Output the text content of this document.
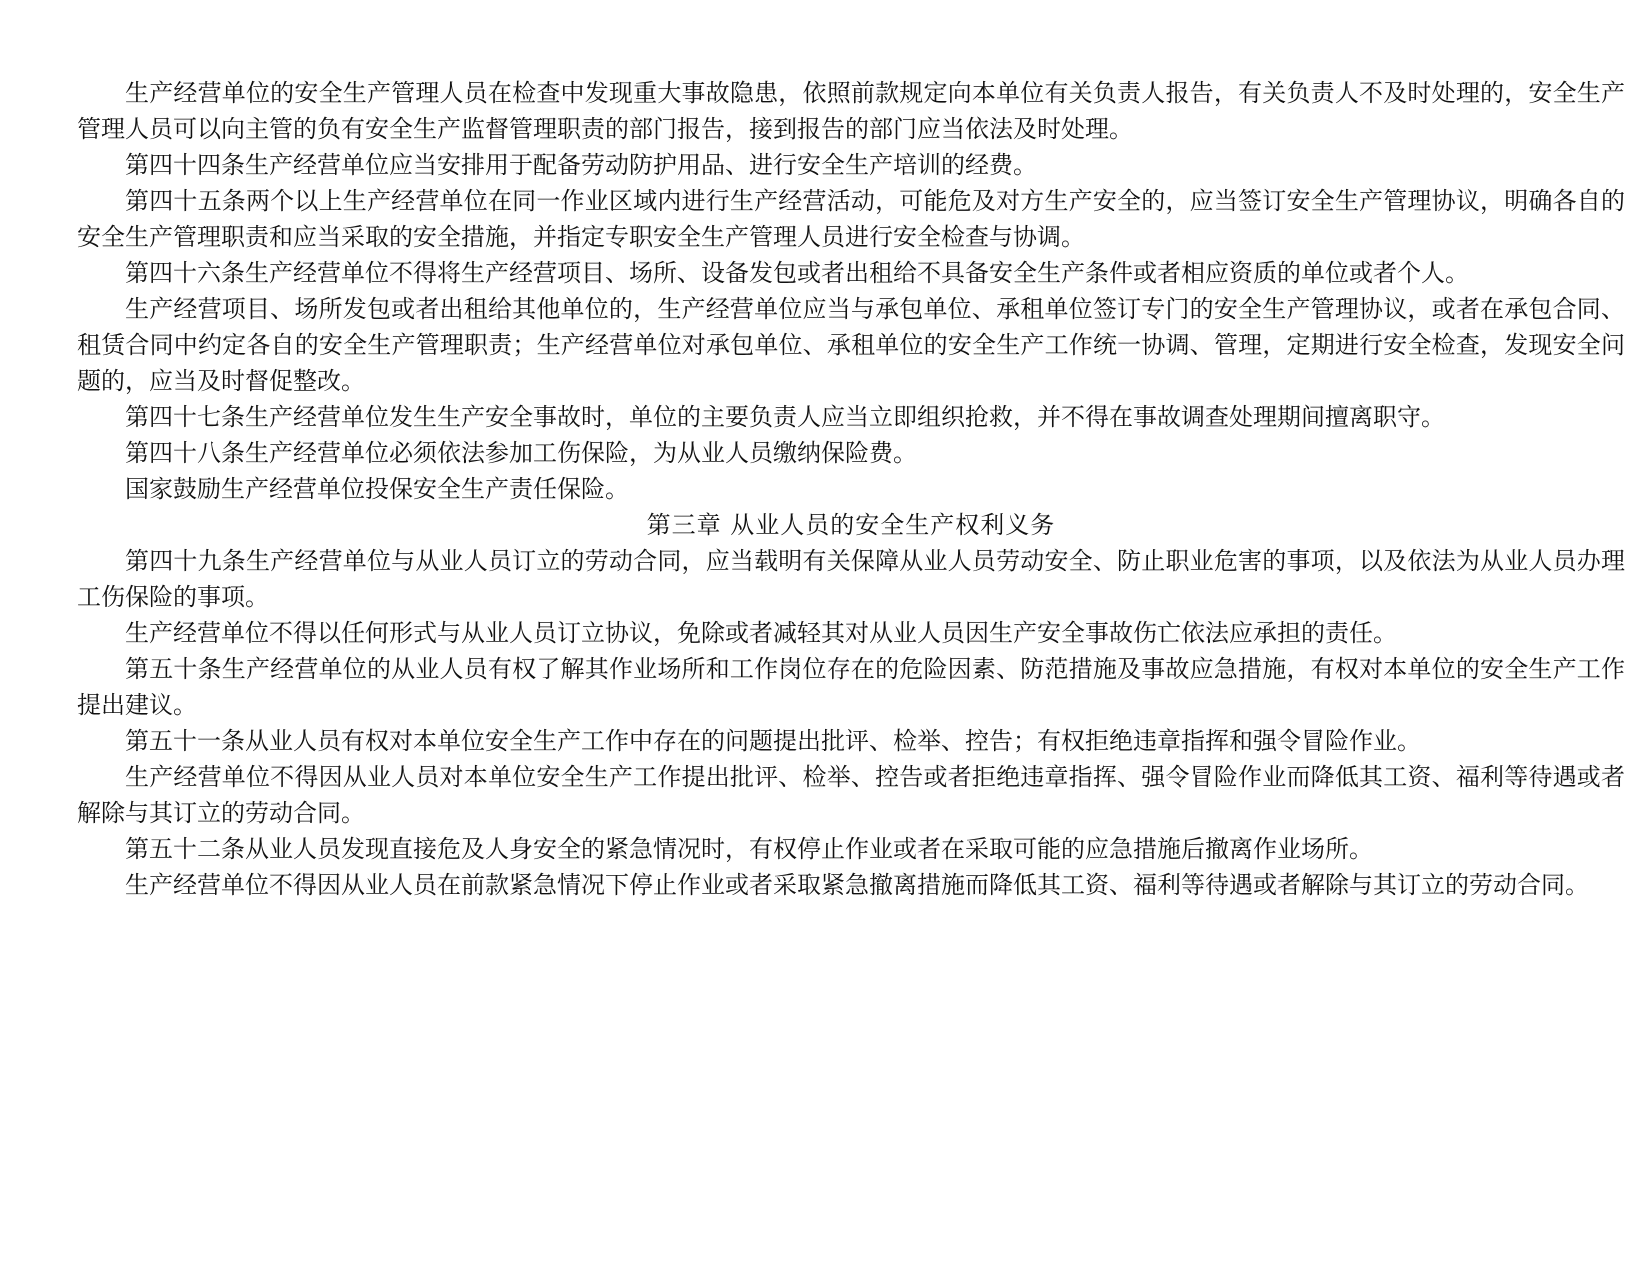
生产经营单位的安全生产管理人员在检查中发现重大事故隐患，依照前款规定向本单位有关负责人报告，有关负责人不及时处理的，安全生产管理人员可以向主管的负有安全生产监督管理职责的部门报告，接到报告的部门应当依法及时处理。

第四十四条生产经营单位应当安排用于配备劳动防护用品、进行安全生产培训的经费。

第四十五条两个以上生产经营单位在同一作业区域内进行生产经营活动，可能危及对方生产安全的，应当签订安全生产管理协议，明确各自的安全生产管理职责和应当采取的安全措施，并指定专职安全生产管理人员进行安全检查与协调。

第四十六条生产经营单位不得将生产经营项目、场所、设备发包或者出租给不具备安全生产条件或者相应资质的单位或者个人。

生产经营项目、场所发包或者出租给其他单位的，生产经营单位应当与承包单位、承租单位签订专门的安全生产管理协议，或者在承包合同、租赁合同中约定各自的安全生产管理职责；生产经营单位对承包单位、承租单位的安全生产工作统一协调、管理，定期进行安全检查，发现安全问题的，应当及时督促整改。

第四十七条生产经营单位发生生产安全事故时，单位的主要负责人应当立即组织抢救，并不得在事故调查处理期间擅离职守。

第四十八条生产经营单位必须依法参加工伤保险，为从业人员缴纳保险费。

国家鼓励生产经营单位投保安全生产责任保险。

第三章 从业人员的安全生产权利义务

第四十九条生产经营单位与从业人员订立的劳动合同，应当载明有关保障从业人员劳动安全、防止职业危害的事项，以及依法为从业人员办理工伤保险的事项。

生产经营单位不得以任何形式与从业人员订立协议，免除或者减轻其对从业人员因生产安全事故伤亡依法应承担的责任。

第五十条生产经营单位的从业人员有权了解其作业场所和工作岗位存在的危险因素、防范措施及事故应急措施，有权对本单位的安全生产工作提出建议。

第五十一条从业人员有权对本单位安全生产工作中存在的问题提出批评、检举、控告；有权拒绝违章指挥和强令冒险作业。

生产经营单位不得因从业人员对本单位安全生产工作提出批评、检举、控告或者拒绝违章指挥、强令冒险作业而降低其工资、福利等待遇或者解除与其订立的劳动合同。

第五十二条从业人员发现直接危及人身安全的紧急情况时，有权停止作业或者在采取可能的应急措施后撤离作业场所。

生产经营单位不得因从业人员在前款紧急情况下停止作业或者采取紧急撤离措施而降低其工资、福利等待遇或者解除与其订立的劳动合同。
